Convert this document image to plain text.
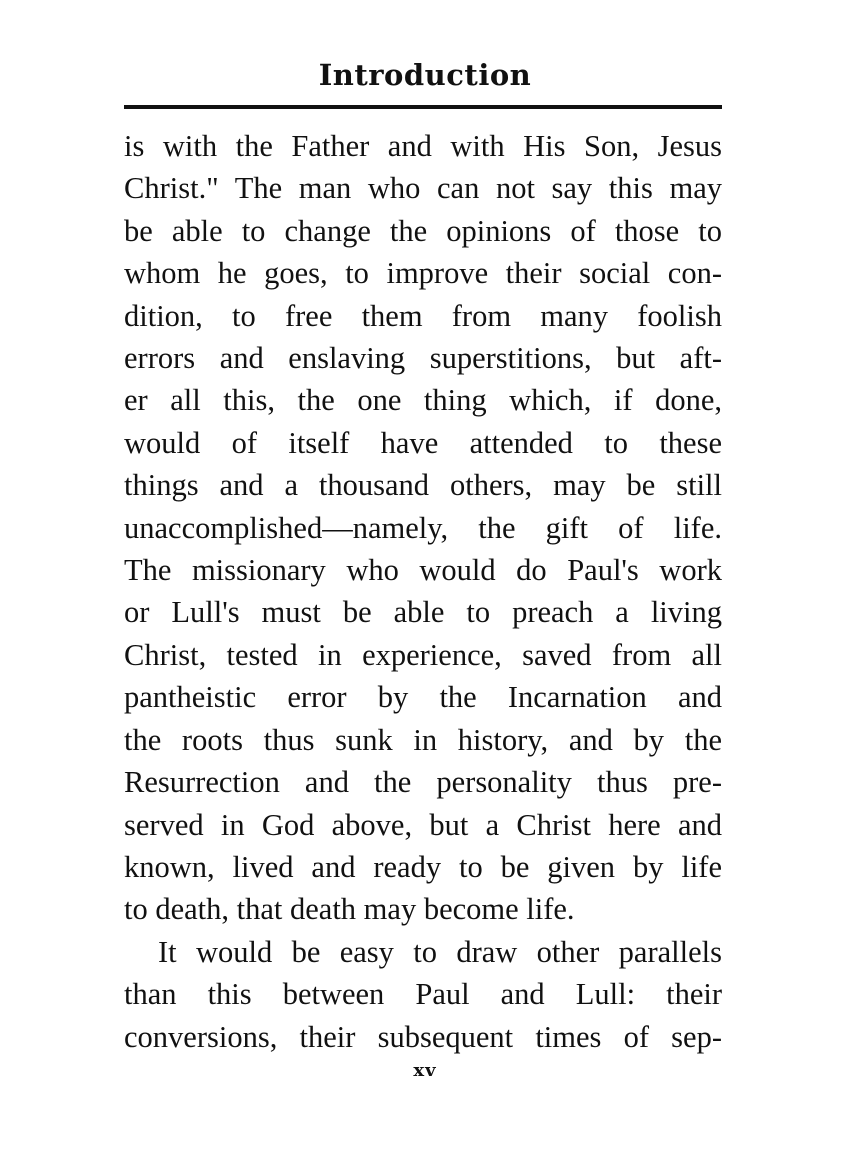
Introduction
is with the Father and with His Son, Jesus
Christ." The man who can not say this may
be able to change the opinions of those to
whom he goes, to improve their social con-
dition, to free them from many foolish
errors and enslaving superstitions, but aft-
er all this, the one thing which, if done,
would of itself have attended to these
things and a thousand others, may be still
unaccomplished—namely, the gift of life.
The missionary who would do Paul's work
or Lull's must be able to preach a living
Christ, tested in experience, saved from all
pantheistic error by the Incarnation and
the roots thus sunk in history, and by the
Resurrection and the personality thus pre-
served in God above, but a Christ here and
known, lived and ready to be given by life
to death, that death may become life.
It would be easy to draw other parallels
than this between Paul and Lull: their
conversions, their subsequent times of sep-
xv
